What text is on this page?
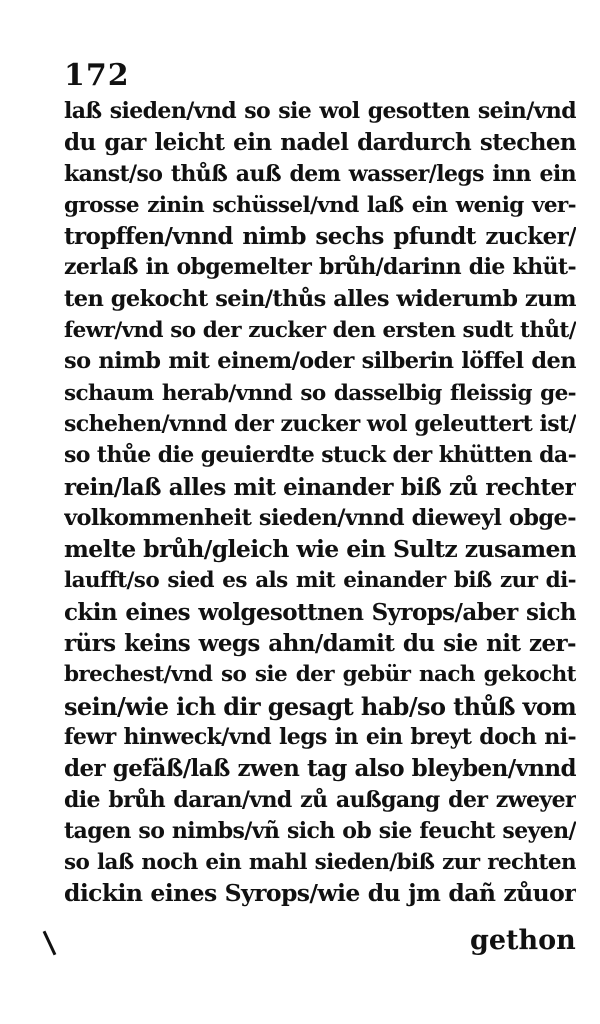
172
laß sieden/vnd so sie wol gesotten sein/vnd
du gar leicht ein nadel dardurch stechen
kanst/so thůß auß dem wasser/legs inn ein
grosse zinin schüssel/vnd laß ein wenig ver-
tropffen/vnnd nimb sechs pfundt zucker/
zerlaß in obgemelter brůh/darinn die khüt-
ten gekocht sein/thůs alles widerumb zum
fewr/vnd so der zucker den ersten sudt thůt/
so nimb mit einem/oder silberin löffel den
schaum herab/vnnd so dasselbig fleissig ge-
schehen/vnnd der zucker wol geleuttert ist/
so thůe die geuierdte stuck der khütten da-
rein/laß alles mit einander biß zů rechter
volkommenheit sieden/vnnd dieweyl obge-
melte brůh/gleich wie ein Sultz zusamen
laufft/so sied es als mit einander biß zur di-
ckin eines wolgesottnen Syrops/aber sich
rürs keins wegs ahn/damit du sie nit zer-
brechest/vnd so sie der gebür nach gekocht
sein/wie ich dir gesagt hab/so thůß vom
fewr hinweck/vnd legs in ein breyt doch ni-
der gefäß/laß zwen tag also bleyben/vnnd
die brůh daran/vnd zů außgang der zweyer
tagen so nimbs/vñ sich ob sie feucht seyen/
so laß noch ein mahl sieden/biß zur rechten
dickin eines Syrops/wie du jm dañ zůuor
gethon
